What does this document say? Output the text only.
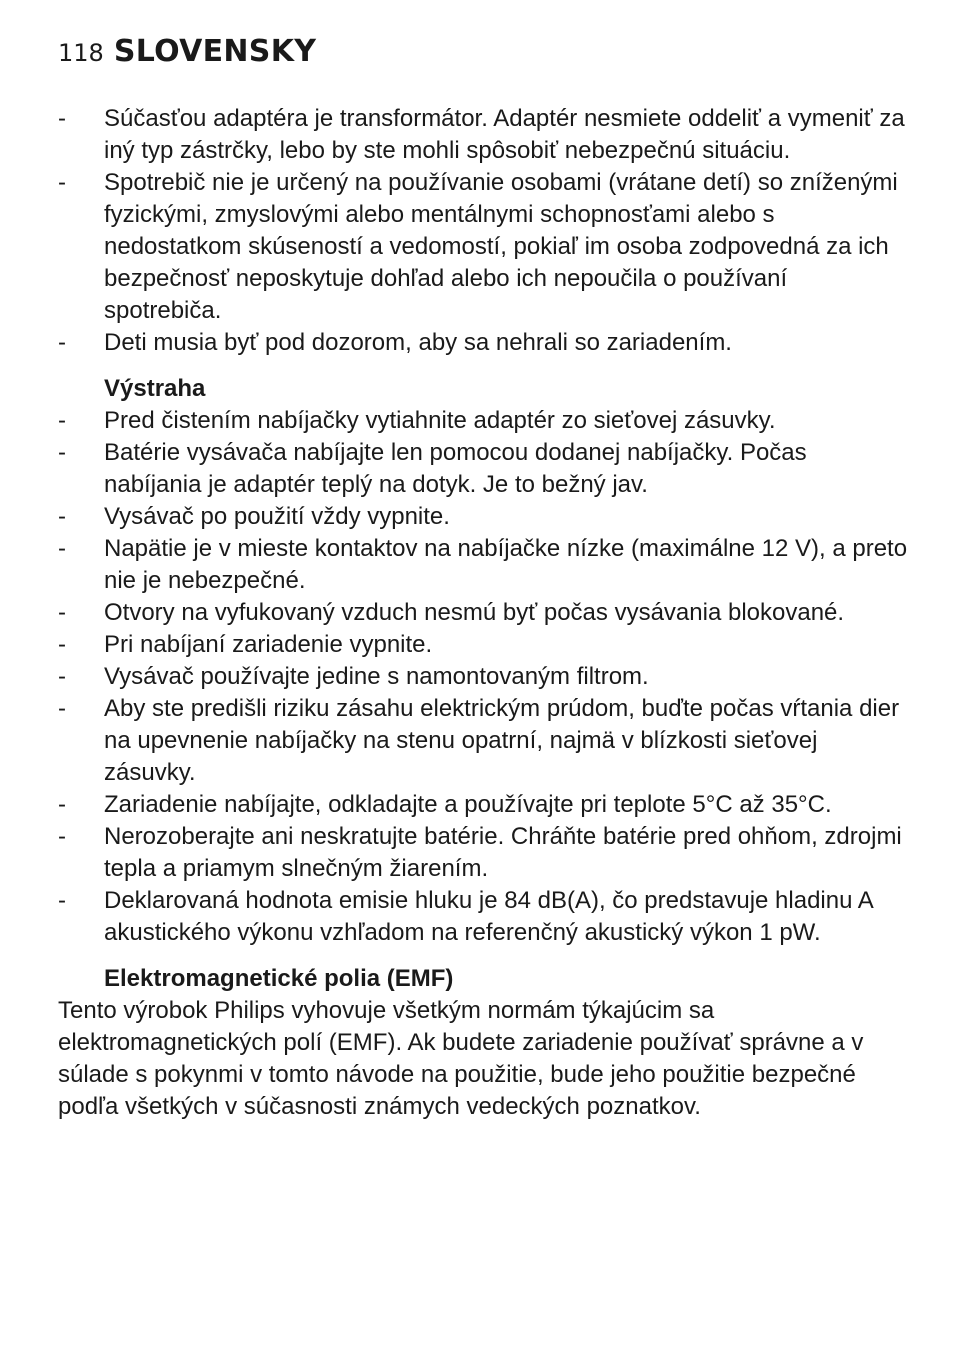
118 SLOVENSKY
-	Súčasťou adaptéra je transformátor. Adaptér nesmiete oddeliť a vymeniť za iný typ zástrčky, lebo by ste mohli spôsobiť nebezpečnú situáciu.
-	Spotrebič nie je určený na používanie osobami (vrátane detí) so zníženými fyzickými, zmyslovými alebo mentálnymi schopnosťami alebo s nedostatkom skúseností a vedomostí, pokiaľ im osoba zodpovedná za ich bezpečnosť neposkytuje dohľad alebo ich nepoučila o používaní spotrebiča.
-	Deti musia byť pod dozorom, aby sa nehrali so zariadením.
Výstraha
-	Pred čistením nabíjačky vytiahnite adaptér zo sieťovej zásuvky.
-	Batérie vysávača nabíjajte len pomocou dodanej nabíjačky. Počas nabíjania je adaptér teplý na dotyk. Je to bežný jav.
-	Vysávač po použití vždy vypnite.
-	Napätie je v mieste kontaktov na nabíjačke nízke (maximálne 12 V), a preto nie je nebezpečné.
-	Otvory na vyfukovaný vzduch nesmú byť počas vysávania blokované.
-	Pri nabíjaní zariadenie vypnite.
-	Vysávač používajte jedine s namontovaným filtrom.
-	Aby ste predišli riziku zásahu elektrickým prúdom, buďte počas vŕtania dier na upevnenie nabíjačky na stenu opatrní, najmä v blízkosti sieťovej zásuvky.
-	Zariadenie nabíjajte, odkladajte a používajte pri teplote 5°C až 35°C.
-	Nerozoberajte ani neskratujte batérie. Chráňte batérie pred ohňom, zdrojmi tepla a priamym slnečným žiarením.
-	Deklarovaná hodnota emisie hluku je 84 dB(A), čo predstavuje hladinu A akustického výkonu vzhľadom na referenčný akustický výkon 1 pW.
Elektromagnetické polia (EMF)

Tento výrobok Philips vyhovuje všetkým normám týkajúcim sa elektromagnetických polí (EMF). Ak budete zariadenie používať správne a v súlade s pokynmi v tomto návode na použitie, bude jeho použitie bezpečné podľa všetkých v súčasnosti známych vedeckých poznatkov.
